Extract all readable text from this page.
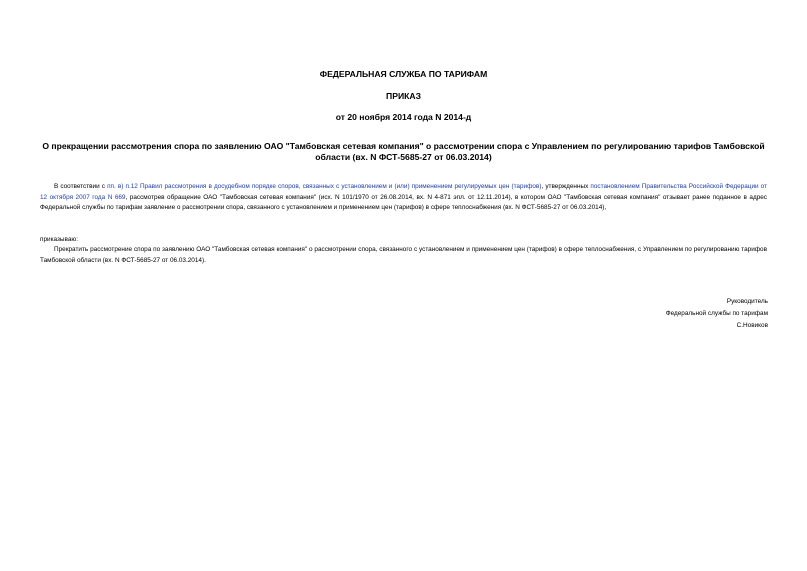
ФЕДЕРАЛЬНАЯ СЛУЖБА ПО ТАРИФАМ
ПРИКАЗ
от 20 ноября 2014 года N 2014-д
О прекращении рассмотрения спора по заявлению ОАО "Тамбовская сетевая компания" о рассмотрении спора с Управлением по регулированию тарифов Тамбовской области (вх. N ФСТ-5685-27 от 06.03.2014)
В соответствии с пп. в) п.12 Правил рассмотрения в досудебном порядке споров, связанных с установлением и (или) применением регулируемых цен (тарифов), утвержденных постановлением Правительства Российской Федерации от 12 октября 2007 года N 669, рассмотрев обращение ОАО "Тамбовская сетевая компания" (исх. N 101/1970 от 26.08.2014, вх. N 4-871 эпл. от 12.11.2014), в котором ОАО "Тамбовская сетевая компания" отзывает ранее поданное в адрес Федеральной службы по тарифам заявление о рассмотрении спора, связанного с установлением и применением цен (тарифов) в сфере теплоснабжения (вх. N ФСТ-5685-27 от 06.03.2014),
приказываю:
Прекратить рассмотрение спора по заявлению ОАО "Тамбовская сетевая компания" о рассмотрении спора, связанного с установлением и применением цен (тарифов) в сфере теплоснабжения, с Управлением по регулированию тарифов Тамбовской области (вх. N ФСТ-5685-27 от 06.03.2014).
Руководитель
Федеральной службы по тарифам
С.Новиков
